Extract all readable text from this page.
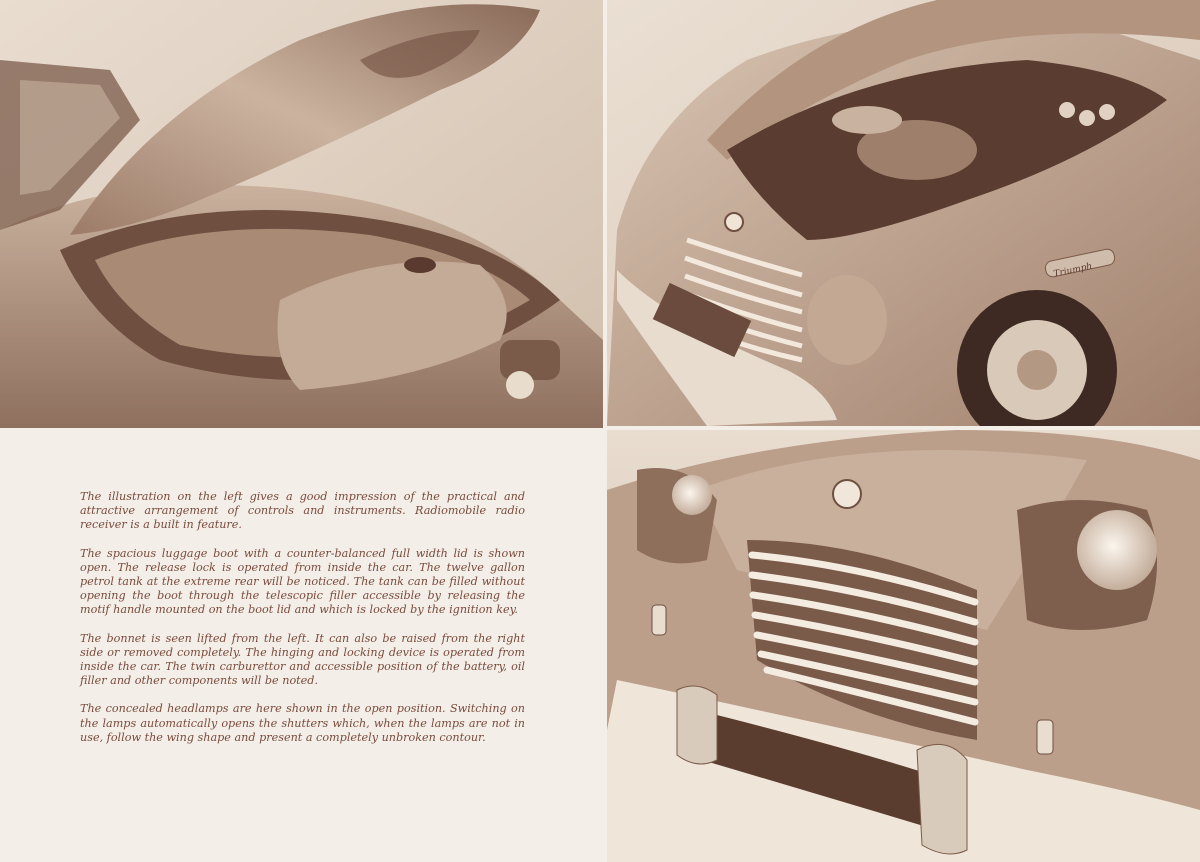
Triumph

The illustration on the left gives a good impression of the practical and attractive arrangement of controls and instruments. Radiomobile radio receiver is a built in feature.

The spacious luggage boot with a counter-balanced full width lid is shown open. The release lock is operated from inside the car. The twelve gallon petrol tank at the extreme rear will be noticed. The tank can be filled without opening the boot through the telescopic filler accessible by releasing the motif handle mounted on the boot lid and which is locked by the ignition key.

The bonnet is seen lifted from the left. It can also be raised from the right side or removed completely. The hinging and locking device is operated from inside the car. The twin carburettor and accessible position of the battery, oil filler and other components will be noted.

The concealed headlamps are here shown in the open position. Switching on the lamps automatically opens the shutters which, when the lamps are not in use, follow the wing shape and present a completely unbroken contour.
